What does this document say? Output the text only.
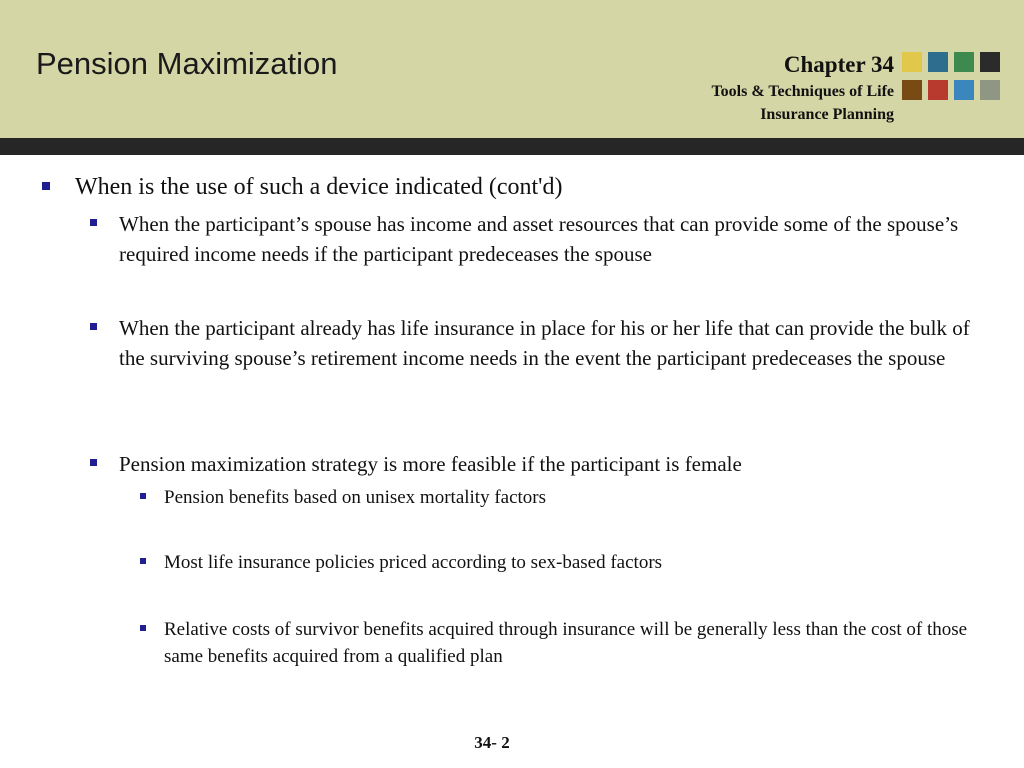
Pension Maximization	Chapter 34
Tools & Techniques of Life
Insurance Planning
When is the use of such a device indicated (cont'd)
When the participant’s spouse has income and asset resources that can provide some of the spouse’s required income needs if the participant predeceases the spouse
When the participant already has life insurance in place for his or her life that can provide the bulk of the surviving spouse’s retirement income needs in the event the participant predeceases the spouse
Pension maximization strategy is more feasible if the participant is female
Pension benefits based on unisex mortality factors
Most life insurance policies priced according to sex-based factors
Relative costs of survivor benefits acquired through insurance will be generally less than the cost of those same benefits acquired from a qualified plan
34- 2
